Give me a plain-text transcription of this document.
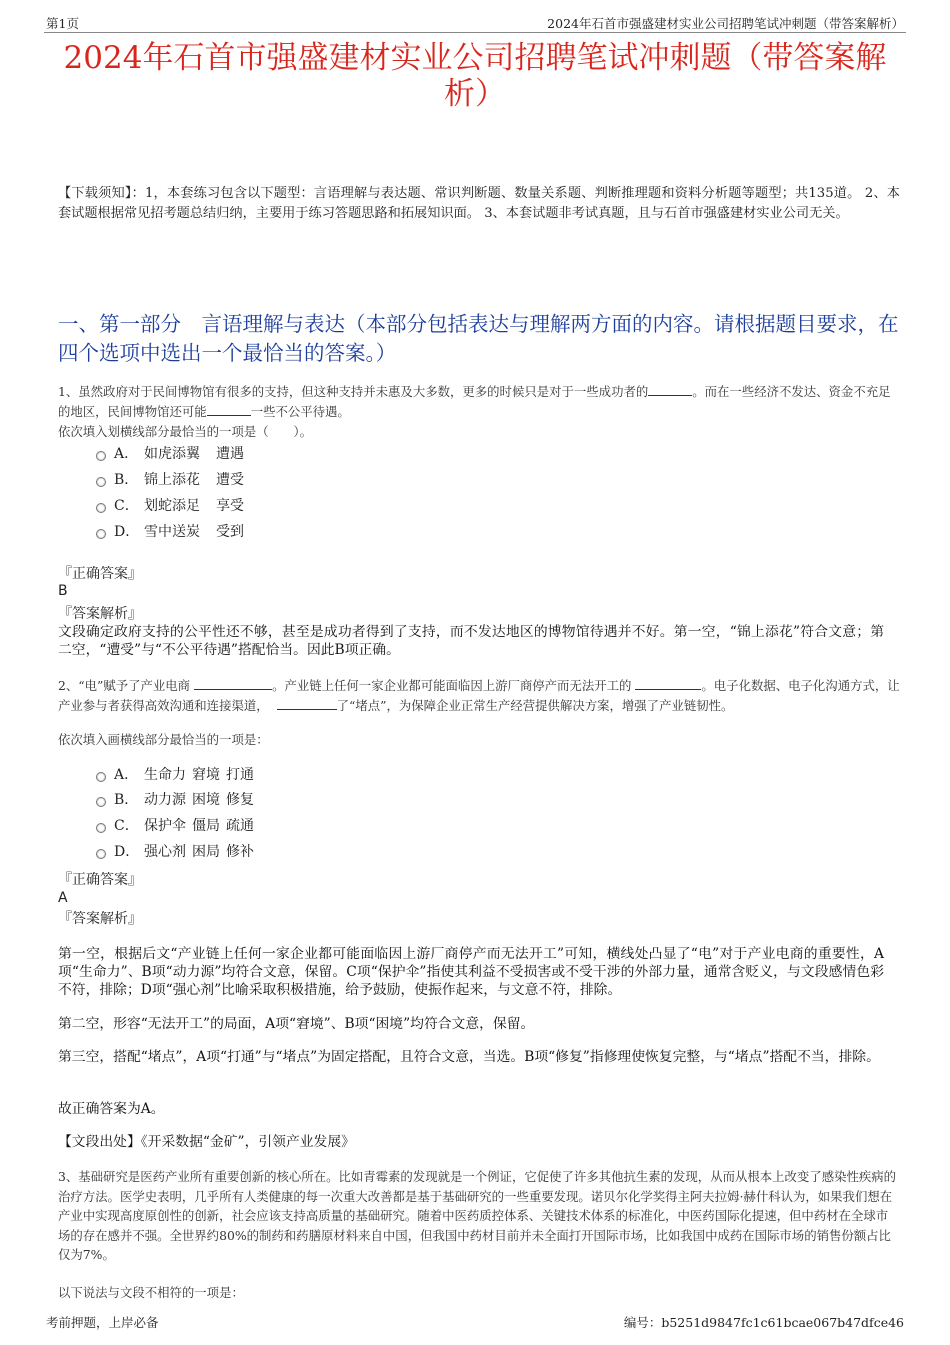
第1页	2024年石首市强盛建材实业公司招聘笔试冲刺题（带答案解析）
2024年石首市强盛建材实业公司招聘笔试冲刺题（带答案解
析）
【下载须知】：1，本套练习包含以下题型：言语理解与表达题、常识判断题、数量关系题、判断推理题和资料分析题等题型；共135道。 2、本套试题根据常见招考题总结归纳，主要用于练习答题思路和拓展知识面。 3、本套试题非考试真题，且与石首市强盛建材实业公司无关。
一、第一部分　言语理解与表达（本部分包括表达与理解两方面的内容。请根据题目要求，在四个选项中选出一个最恰当的答案。）
1、虽然政府对于民间博物馆有很多的支持，但这种支持并未惠及大多数，更多的时候只是对于一些成功者的	。而在一些经济不发达、资金不充足的地区，民间博物馆还可能	一些不公平待遇。
依次填入划横线部分最恰当的一项是（　　）。
A． 如虎添翼 遭遇
B． 锦上添花 遭受
C． 划蛇添足 享受
D． 雪中送炭 受到
『正确答案』
B
『答案解析』
文段确定政府支持的公平性还不够，甚至是成功者得到了支持，而不发达地区的博物馆待遇并不好。第一空，“锦上添花”符合文意；第二空，“遭受”与“不公平待遇”搭配恰当。因此B项正确。
2、“电”赋予了产业电商	。产业链上任何一家企业都可能面临因上游厂商停产而无法开工的	。电子化数据、电子化沟通方式，让产业参与者获得高效沟通和连接渠道，	了“堵点”，为保障企业正常生产经营提供解决方案，增强了产业链韧性。
依次填入画横线部分最恰当的一项是：
A． 生命力 窘境 打通
B． 动力源 困境 修复
C． 保护伞 僵局 疏通
D． 强心剂 困局 修补
『正确答案』
A
『答案解析』
第一空，根据后文“产业链上任何一家企业都可能面临因上游厂商停产而无法开工”可知，横线处凸显了“电”对于产业电商的重要性，A项“生命力”、B项“动力源”均符合文意，保留。C项“保护伞”指使其利益不受损害或不受干涉的外部力量，通常含贬义，与文段感情色彩不符，排除；D项“强心剂”比喻采取积极措施，给予鼓励，使振作起来，与文意不符，排除。
第二空，形容“无法开工”的局面，A项“窘境”、B项“困境”均符合文意，保留。
第三空，搭配“堵点”，A项“打通”与“堵点”为固定搭配，且符合文意，当选。B项“修复”指修理使恢复完整，与“堵点”搭配不当，排除。
故正确答案为A。
【文段出处】《开采数据“金矿”，引领产业发展》
3、基础研究是医药产业所有重要创新的核心所在。比如青霉素的发现就是一个例证，它促使了许多其他抗生素的发现，从而从根本上改变了感染性疾病的治疗方法。医学史表明，几乎所有人类健康的每一次重大改善都是基于基础研究的一些重要发现。诺贝尔化学奖得主阿夫拉姆·赫什科认为，如果我们想在产业中实现高度原创性的创新，社会应该支持高质量的基础研究。随着中医药质控体系、关键技术体系的标准化，中医药国际化提速，但中药材在全球市场的存在感并不强。全世界约80%的制药和药膳原材料来自中国，但我国中药材目前并未全面打开国际市场，比如我国中成药在国际市场的销售份额占比仅为7%。
以下说法与文段不相符的一项是：
考前押题，上岸必备	编号：b5251d9847fc1c61bcae067b47dfce46
